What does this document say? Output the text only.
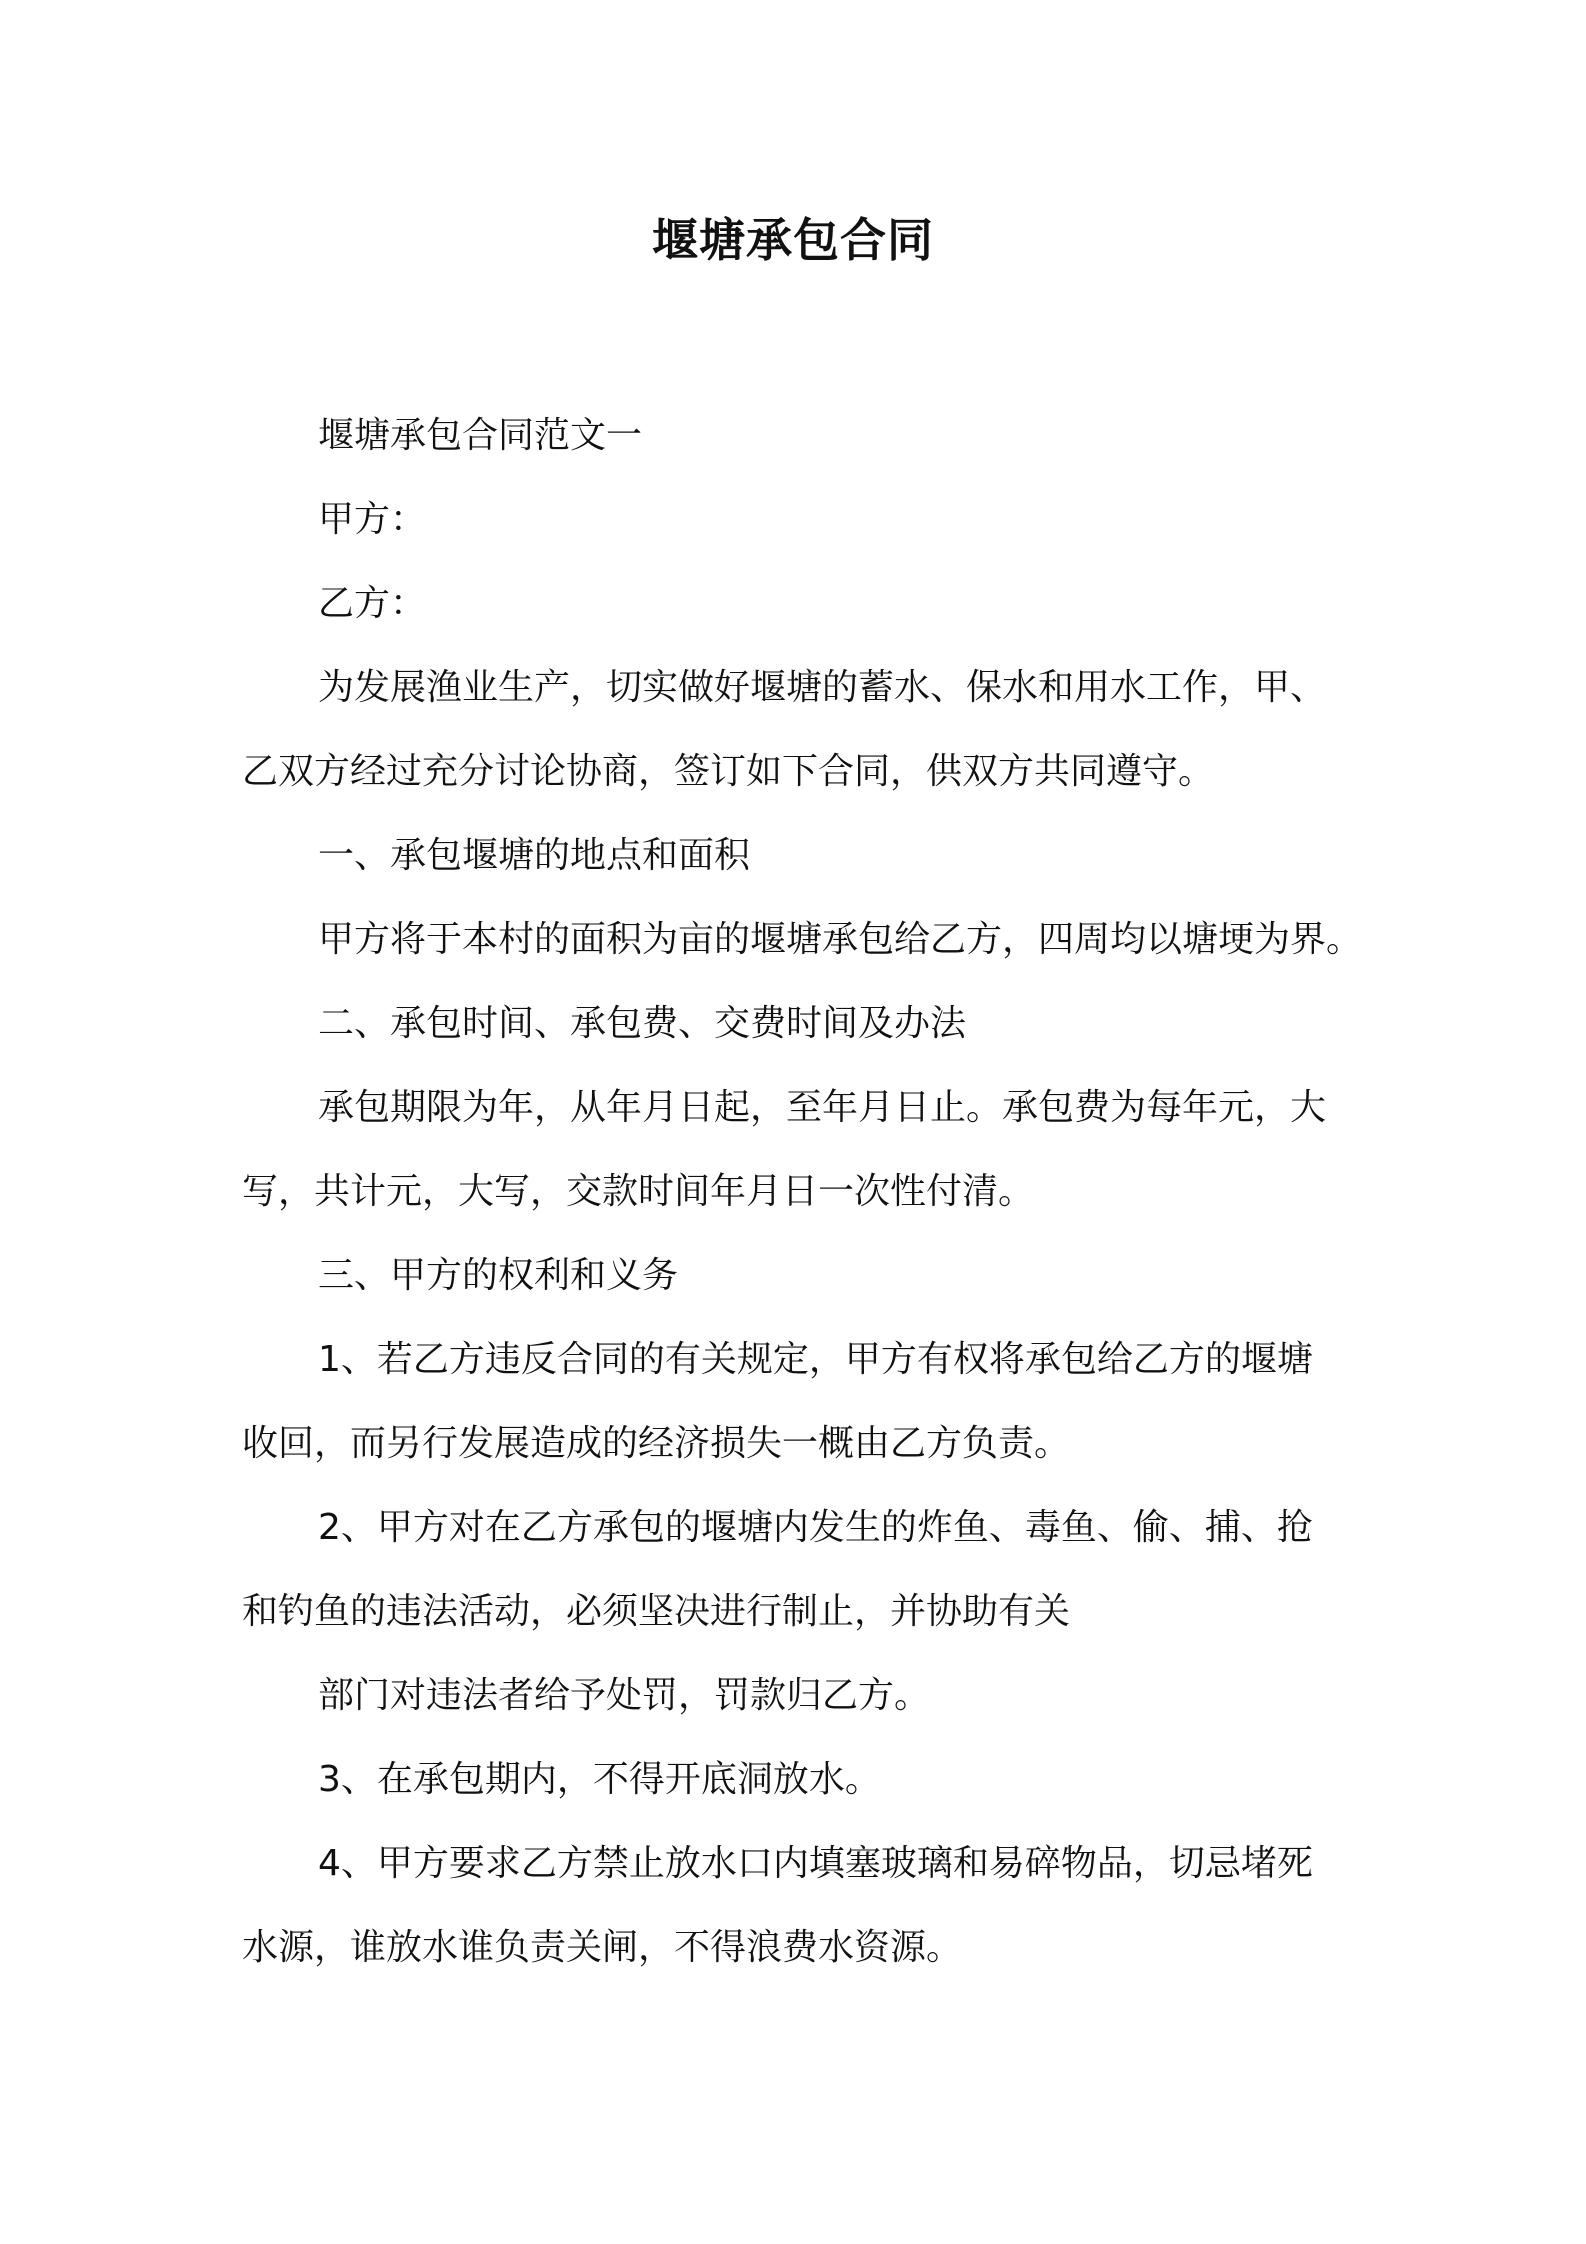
堰塘承包合同
堰塘承包合同范文一
甲方：
乙方：
为发展渔业生产，切实做好堰塘的蓄水、保水和用水工作，甲、
乙双方经过充分讨论协商，签订如下合同，供双方共同遵守。
一、承包堰塘的地点和面积
甲方将于本村的面积为亩的堰塘承包给乙方，四周均以塘埂为界。
二、承包时间、承包费、交费时间及办法
承包期限为年，从年月日起，至年月日止。承包费为每年元，大
写，共计元，大写，交款时间年月日一次性付清。
三、甲方的权利和义务
1、若乙方违反合同的有关规定，甲方有权将承包给乙方的堰塘
收回，而另行发展造成的经济损失一概由乙方负责。
2、甲方对在乙方承包的堰塘内发生的炸鱼、毒鱼、偷、捕、抢
和钓鱼的违法活动，必须坚决进行制止，并协助有关
部门对违法者给予处罚，罚款归乙方。
3、在承包期内，不得开底洞放水。
4、甲方要求乙方禁止放水口内填塞玻璃和易碎物品，切忌堵死
水源，谁放水谁负责关闸，不得浪费水资源。
